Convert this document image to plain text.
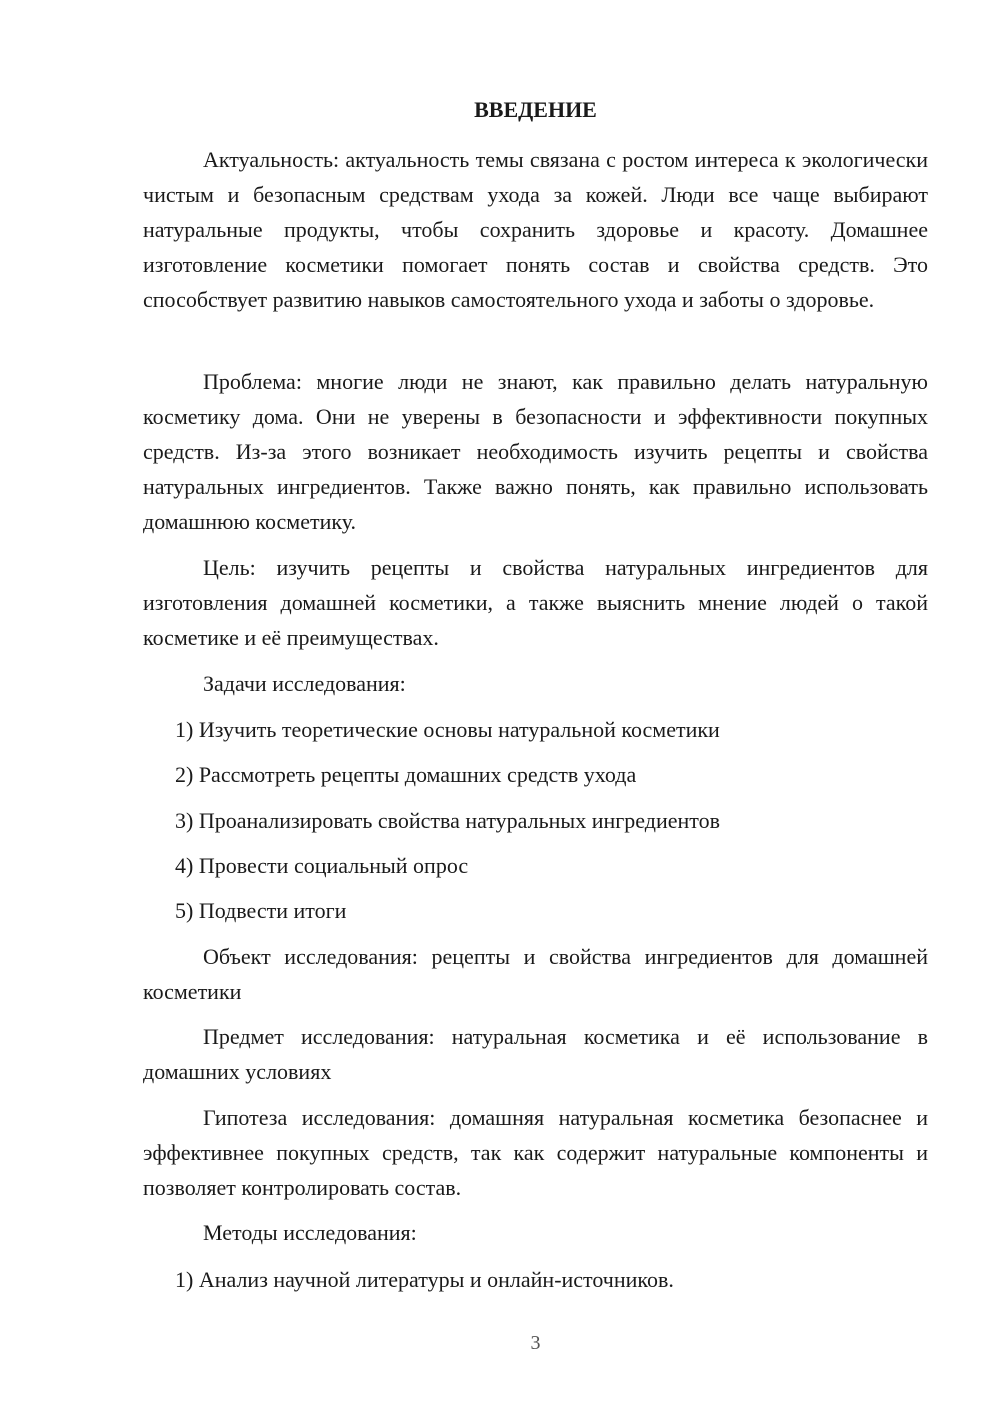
ВВЕДЕНИЕ

Актуальность: актуальность темы связана с ростом интереса к экологически чистым и безопасным средствам ухода за кожей. Люди все чаще выбирают натуральные продукты, чтобы сохранить здоровье и красоту. Домашнее изготовление косметики помогает понять состав и свойства средств. Это способствует развитию навыков самостоятельного ухода и заботы о здоровье.

Проблема: многие люди не знают, как правильно делать натуральную косметику дома. Они не уверены в безопасности и эффективности покупных средств. Из-за этого возникает необходимость изучить рецепты и свойства натуральных ингредиентов. Также важно понять, как правильно использовать домашнюю косметику.

Цель: изучить рецепты и свойства натуральных ингредиентов для изготовления домашней косметики, а также выяснить мнение людей о такой косметике и её преимуществах.

Задачи исследования:

1) Изучить теоретические основы натуральной косметики

2) Рассмотреть рецепты домашних средств ухода

3) Проанализировать свойства натуральных ингредиентов

4) Провести социальный опрос

5) Подвести итоги

Объект исследования: рецепты и свойства ингредиентов для домашней косметики

Предмет исследования: натуральная косметика и её использование в домашних условиях

Гипотеза исследования: домашняя натуральная косметика безопаснее и эффективнее покупных средств, так как содержит натуральные компоненты и позволяет контролировать состав.

Методы исследования:

1) Анализ научной литературы и онлайн-источников.

3
